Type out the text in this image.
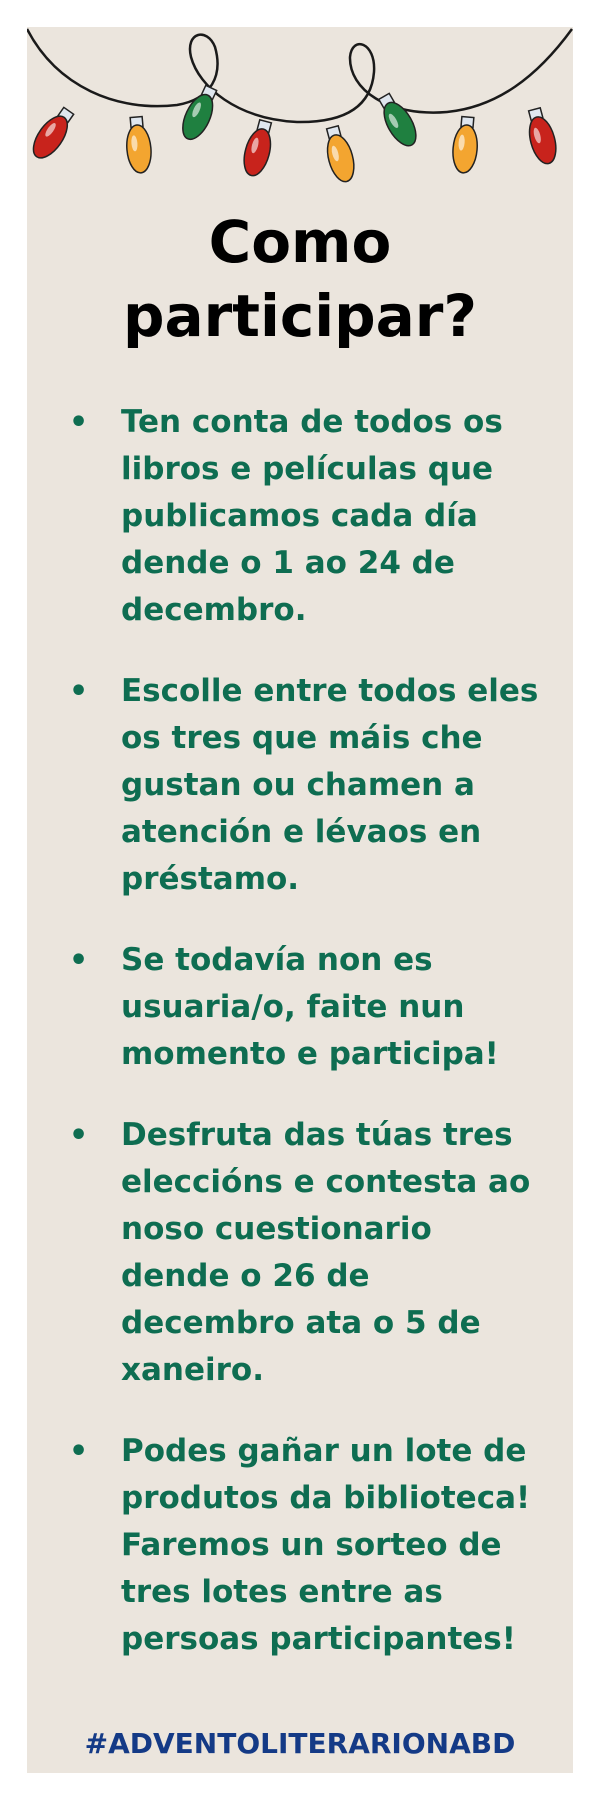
Como
participar?
• Ten conta de todos os libros e películas que publicamos cada día dende o 1 ao 24 de decembro.
• Escolle entre todos eles os tres que máis che gustan ou chamen a atención e lévaos en préstamo.
• Se todavía non es usuaria/o, faite nun momento e participa!
• Desfruta das túas tres eleccións e contesta ao noso cuestionario dende o 26 de decembro ata o 5 de xaneiro.
• Podes gañar un lote de produtos da biblioteca! Faremos un sorteo de tres lotes entre as persoas participantes!
#ADVENTOLITERARIONABD
